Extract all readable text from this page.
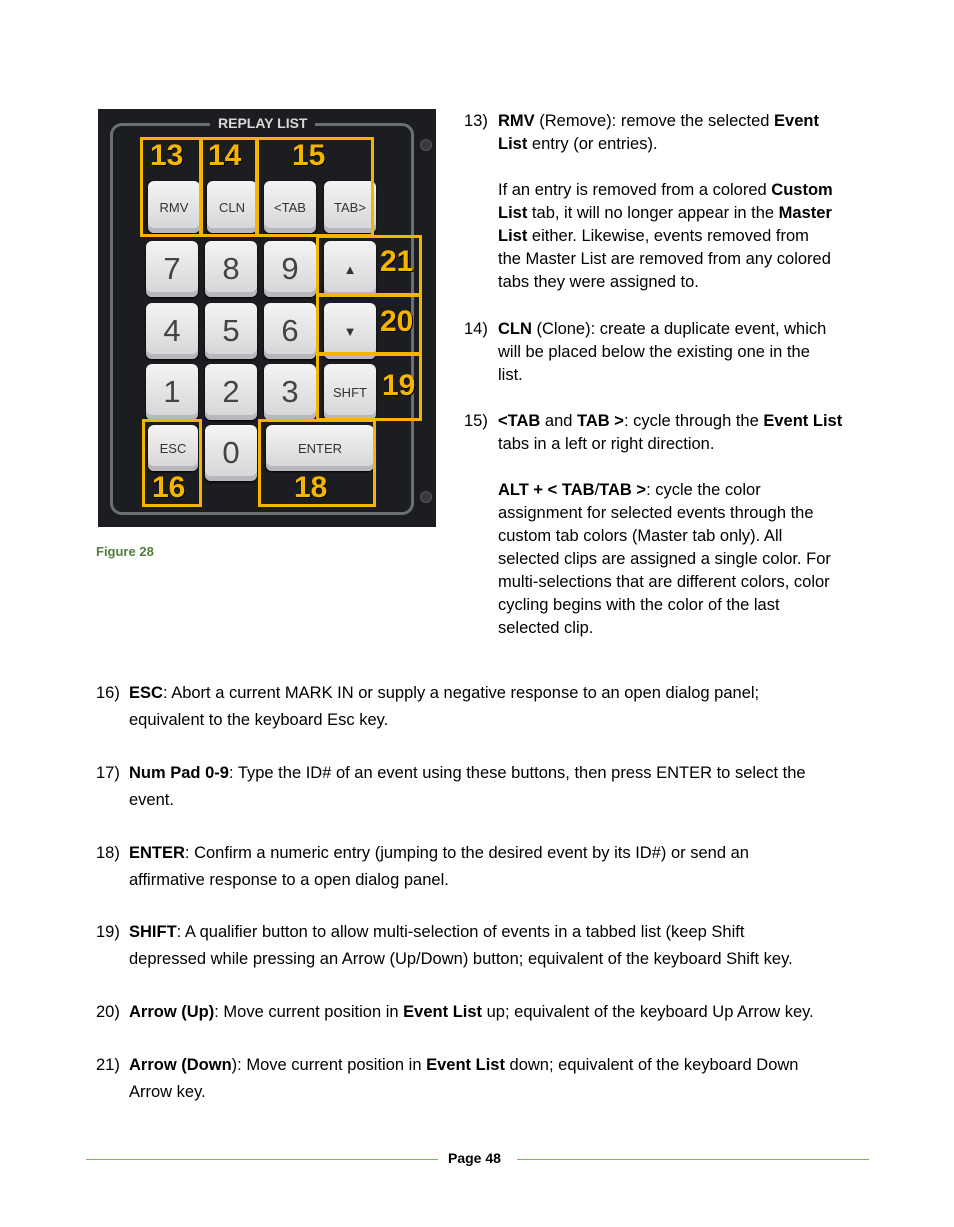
REPLAY LIST
RMV	CLN	<TAB	TAB>
7	8	9	▲
4	5	6	▼
1	2	3	SHFT
ESC	0	ENTER
13 14 15
21
20
19
16	18
Figure 28
13) RMV (Remove): remove the selected Event
List entry (or entries).
If an entry is removed from a colored Custom
List tab, it will no longer appear in the Master
List either. Likewise, events removed from
the Master List are removed from any colored
tabs they were assigned to.
14) CLN (Clone): create a duplicate event, which
will be placed below the existing one in the
list.
15) <TAB and TAB >: cycle through the Event List
tabs in a left or right direction.
ALT + < TAB/TAB >: cycle the color
assignment for selected events through the
custom tab colors (Master tab only). All
selected clips are assigned a single color. For
multi-selections that are different colors, color
cycling begins with the color of the last
selected clip.
16) ESC: Abort a current MARK IN or supply a negative response to an open dialog panel;
equivalent to the keyboard Esc key.
17) Num Pad 0-9: Type the ID# of an event using these buttons, then press ENTER to select the
event.
18) ENTER: Confirm a numeric entry (jumping to the desired event by its ID#) or send an
affirmative response to a open dialog panel.
19) SHIFT: A qualifier button to allow multi-selection of events in a tabbed list (keep Shift
depressed while pressing an Arrow (Up/Down) button; equivalent of the keyboard Shift key.
20) Arrow (Up): Move current position in Event List up; equivalent of the keyboard Up Arrow key.
21) Arrow (Down): Move current position in Event List down; equivalent of the keyboard Down
Arrow key.
Page 48
